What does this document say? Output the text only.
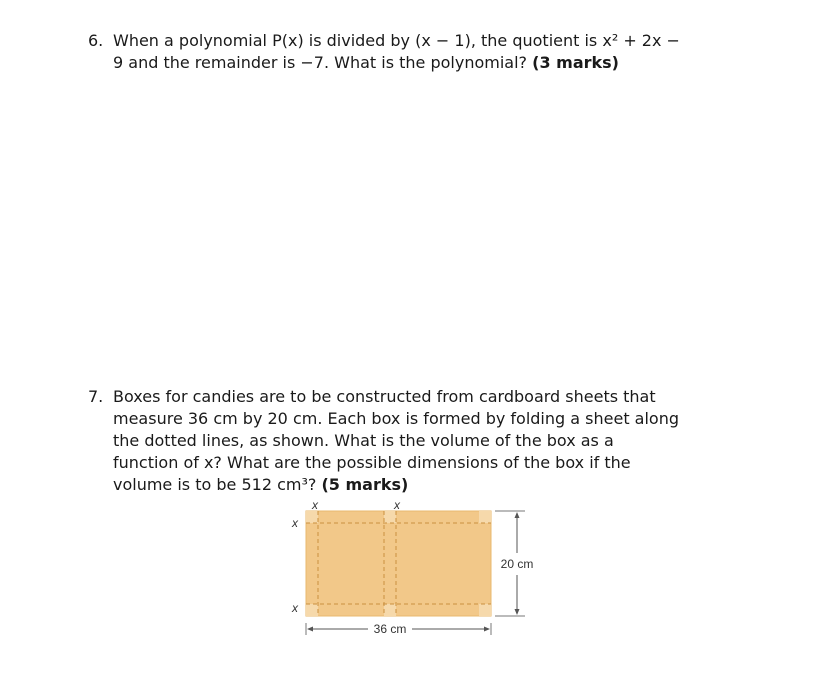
6. When a polynomial P(x) is divided by (x − 1), the quotient is x² + 2x −
9 and the remainder is −7. What is the polynomial? (3 marks)
7. Boxes for candies are to be constructed from cardboard sheets that
measure 36 cm by 20 cm. Each box is formed by folding a sheet along
the dotted lines, as shown. What is the volume of the box as a
function of x? What are the possible dimensions of the box if the
volume is to be 512 cm³? (5 marks)
x	x
x
x
36 cm
20 cm
